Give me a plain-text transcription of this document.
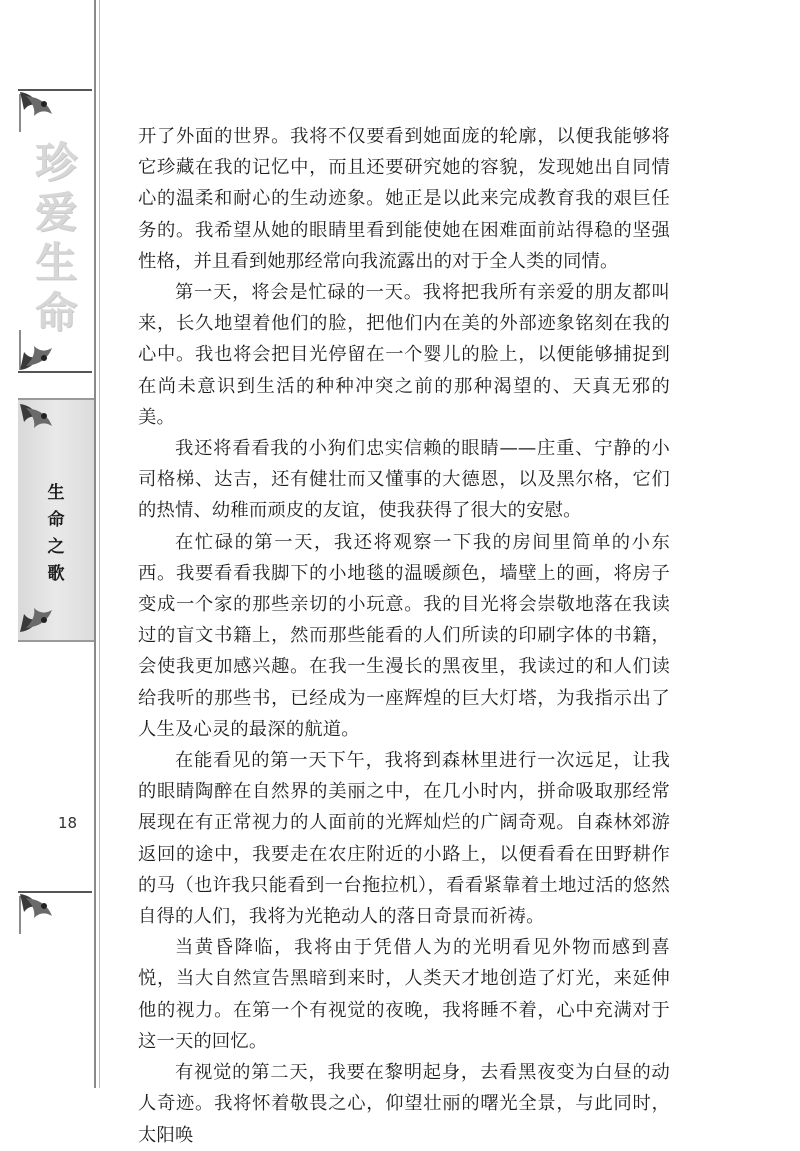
珍
爱
生
命
生
命
之
歌
18

开了外面的世界。我将不仅要看到她面庞的轮廓，以便我能够将它珍藏在我的记忆中，而且还要研究她的容貌，发现她出自同情心的温柔和耐心的生动迹象。她正是以此来完成教育我的艰巨任务的。我希望从她的眼睛里看到能使她在困难面前站得稳的坚强性格，并且看到她那经常向我流露出的对于全人类的同情。

第一天，将会是忙碌的一天。我将把我所有亲爱的朋友都叫来，长久地望着他们的脸，把他们内在美的外部迹象铭刻在我的心中。我也将会把目光停留在一个婴儿的脸上，以便能够捕捉到在尚未意识到生活的种种冲突之前的那种渴望的、天真无邪的美。

我还将看看我的小狗们忠实信赖的眼睛——庄重、宁静的小司格梯、达吉，还有健壮而又懂事的大德恩，以及黑尔格，它们的热情、幼稚而顽皮的友谊，使我获得了很大的安慰。

在忙碌的第一天，我还将观察一下我的房间里简单的小东西。我要看看我脚下的小地毯的温暖颜色，墙壁上的画，将房子变成一个家的那些亲切的小玩意。我的目光将会崇敬地落在我读过的盲文书籍上，然而那些能看的人们所读的印刷字体的书籍，会使我更加感兴趣。在我一生漫长的黑夜里，我读过的和人们读给我听的那些书，已经成为一座辉煌的巨大灯塔，为我指示出了人生及心灵的最深的航道。

在能看见的第一天下午，我将到森林里进行一次远足，让我的眼睛陶醉在自然界的美丽之中，在几小时内，拼命吸取那经常展现在有正常视力的人面前的光辉灿烂的广阔奇观。自森林郊游返回的途中，我要走在农庄附近的小路上，以便看看在田野耕作的马（也许我只能看到一台拖拉机），看看紧靠着土地过活的悠然自得的人们，我将为光艳动人的落日奇景而祈祷。

当黄昏降临，我将由于凭借人为的光明看见外物而感到喜悦，当大自然宣告黑暗到来时，人类天才地创造了灯光，来延伸他的视力。在第一个有视觉的夜晚，我将睡不着，心中充满对于这一天的回忆。

有视觉的第二天，我要在黎明起身，去看黑夜变为白昼的动人奇迹。我将怀着敬畏之心，仰望壮丽的曙光全景，与此同时，太阳唤
